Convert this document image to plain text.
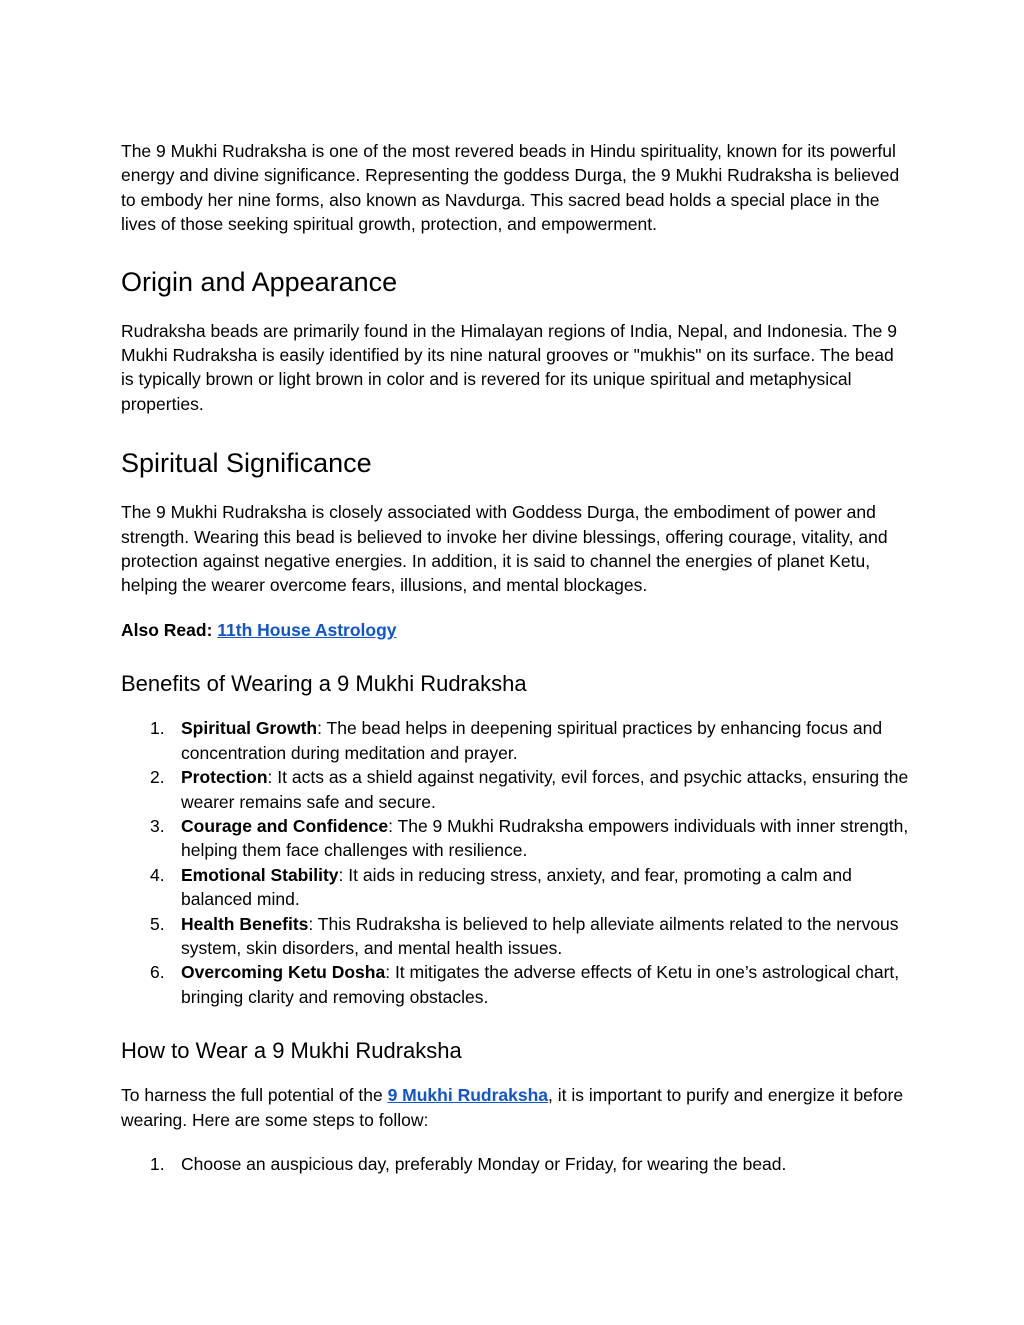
The 9 Mukhi Rudraksha is one of the most revered beads in Hindu spirituality, known for its powerful energy and divine significance. Representing the goddess Durga, the 9 Mukhi Rudraksha is believed to embody her nine forms, also known as Navdurga. This sacred bead holds a special place in the lives of those seeking spiritual growth, protection, and empowerment.

Origin and Appearance

Rudraksha beads are primarily found in the Himalayan regions of India, Nepal, and Indonesia. The 9 Mukhi Rudraksha is easily identified by its nine natural grooves or "mukhis" on its surface. The bead is typically brown or light brown in color and is revered for its unique spiritual and metaphysical properties.

Spiritual Significance

The 9 Mukhi Rudraksha is closely associated with Goddess Durga, the embodiment of power and strength. Wearing this bead is believed to invoke her divine blessings, offering courage, vitality, and protection against negative energies. In addition, it is said to channel the energies of planet Ketu, helping the wearer overcome fears, illusions, and mental blockages.

Also Read: 11th House Astrology

Benefits of Wearing a 9 Mukhi Rudraksha
1. Spiritual Growth: The bead helps in deepening spiritual practices by enhancing focus and concentration during meditation and prayer.
2. Protection: It acts as a shield against negativity, evil forces, and psychic attacks, ensuring the wearer remains safe and secure.
3. Courage and Confidence: The 9 Mukhi Rudraksha empowers individuals with inner strength, helping them face challenges with resilience.
4. Emotional Stability: It aids in reducing stress, anxiety, and fear, promoting a calm and balanced mind.
5. Health Benefits: This Rudraksha is believed to help alleviate ailments related to the nervous system, skin disorders, and mental health issues.
6. Overcoming Ketu Dosha: It mitigates the adverse effects of Ketu in one’s astrological chart, bringing clarity and removing obstacles.
How to Wear a 9 Mukhi Rudraksha

To harness the full potential of the 9 Mukhi Rudraksha, it is important to purify and energize it before wearing. Here are some steps to follow:

1. Choose an auspicious day, preferably Monday or Friday, for wearing the bead.
